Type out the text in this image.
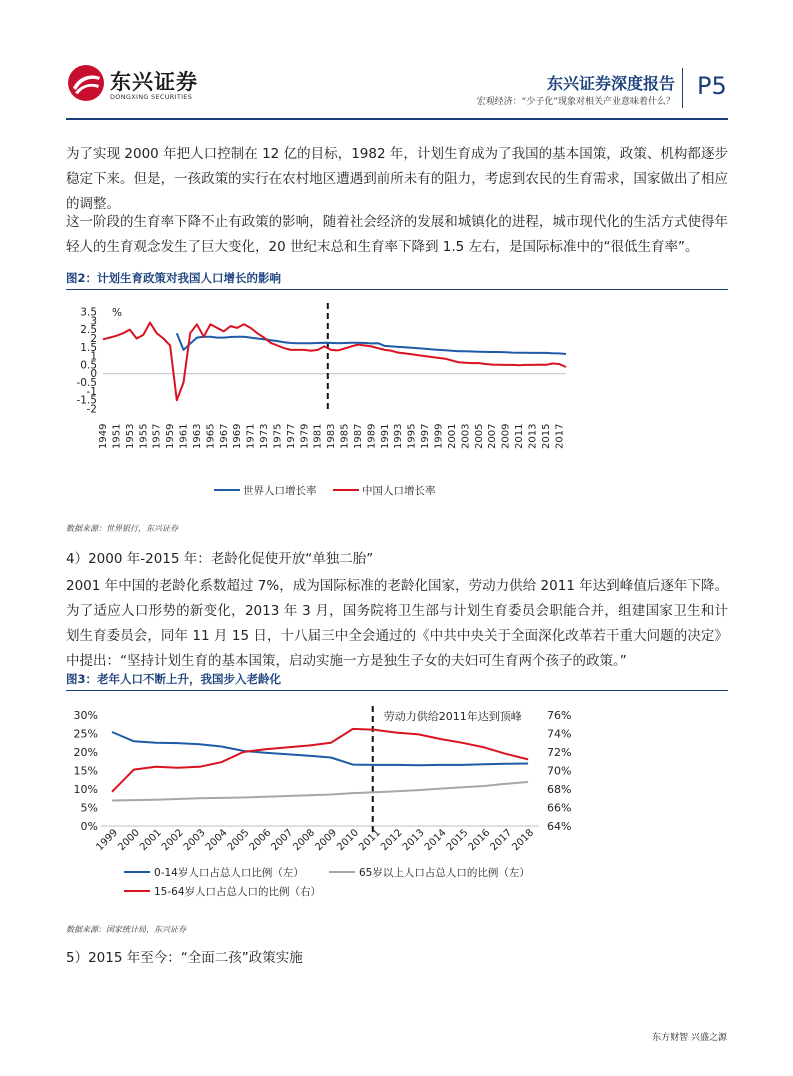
东兴证券
DONGXING SECURITIES
东兴证券深度报告
宏观经济：“少子化”现象对相关产业意味着什么？
P5
为了实现 2000 年把人口控制在 12 亿的目标，1982 年，计划生育成为了我国的基本国策，政策、机构都逐步稳定下来。但是，一孩政策的实行在农村地区遭遇到前所未有的阻力，考虑到农民的生育需求，国家做出了相应的调整。
这一阶段的生育率下降不止有政策的影响，随着社会经济的发展和城镇化的进程，城市现代化的生活方式使得年轻人的生育观念发生了巨大变化，20 世纪末总和生育率下降到 1.5 左右，是国际标准中的“很低生育率”。
图2：计划生育政策对我国人口增长的影响
3.5
3
2.5
2
1.5
1
0.5
0
-0.5
-1
-1.5
-2
%
1949 1951 1953 1955 1957 1959 1961 1963 1965 1967 1969 1971 1973 1975 1977 1979 1981 1983 1985 1987 1989 1991 1993 1995 1997 1999 2001 2003 2005 2007 2009 2011 2013 2015 2017
世界人口增长率	中国人口增长率
数据来源：世界银行，东兴证券
4）2000 年-2015 年：老龄化促使开放“单独二胎”
2001 年中国的老龄化系数超过 7%，成为国际标准的老龄化国家，劳动力供给 2011 年达到峰值后逐年下降。为了适应人口形势的新变化，2013 年 3 月，国务院将卫生部与计划生育委员会职能合并，组建国家卫生和计划生育委员会，同年 11 月 15 日，十八届三中全会通过的《中共中央关于全面深化改革若干重大问题的决定》中提出：“坚持计划生育的基本国策，启动实施一方是独生子女的夫妇可生育两个孩子的政策。”
图3：老年人口不断上升，我国步入老龄化
30%
25%
20%
15%
10%
5%
0%
76%
74%
72%
70%
68%
66%
64%
劳动力供给2011年达到顶峰
1999
2000
2001
2002
2003
2004
2005
2006
2007
2008
2009
2010
2011
2012
2013
2014
2015
2016
2017
2018
0-14岁人口占总人口比例（左）	65岁以上人口占总人口的比例（左）
15-64岁人口占总人口的比例（右）
数据来源：国家统计局，东兴证券
5）2015 年至今：“全面二孩”政策实施
东方财智 兴盛之源
